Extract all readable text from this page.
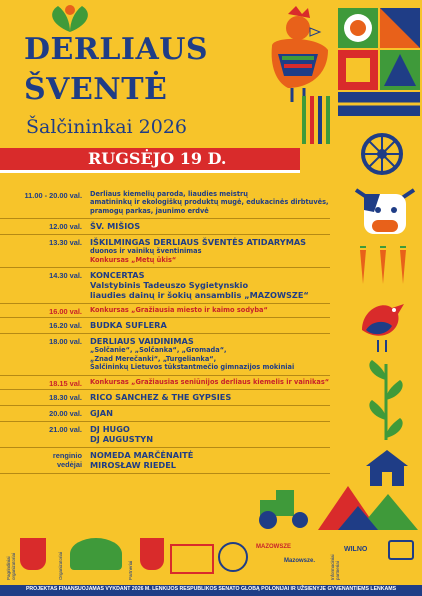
DERLIAUS
ŠVENTĖ
Šalčininkai 2026
RUGSĖJO 19 D.
11.00 - 20.00 val. Derliaus kiemelių paroda, liaudies meistrų
amatininkų ir ekologiškų produktų mugė, edukacinės dirbtuvės,
pramogų parkas, jaunimo erdvė
12.00 val. ŠV. MIŠIOS
13.30 val. IŠKILMINGAS DERLIAUS ŠVENTĖS ATIDARYMAS
duonos ir vainikų šventinimas
Konkursas „Metų ūkis“
14.30 val. KONCERTAS
Valstybinis Tadeuszo Sygietynskio
liaudies dainų ir šokių ansamblis „MAZOWSZE“
16.00 val. Konkursas „Gražiausia miesto ir kaimo sodyba“
16.20 val. BUDKA SUFLERA
18.00 val. DERLIAUS VAIDINIMAS
„Solčanie“, „Solčanka“, „Gromada“,
„Znad Merečanki“, „Turgelianka“,
Šalčininkų Lietuvos tūkstantmečio gimnazijos mokiniai
18.15 val. Konkursas „Gražiausias seniūnijos derliaus kiemelis ir vainikas“
18.30 val. RICO SANCHEZ & THE GYPSIES
20.00 val. GJAN
21.00 val. DJ HUGO
DJ AUGUSTYN
renginio
vedėjai
NOMEDA MARČĖNAITĖ
MIROSŁAW RIEDEL
Pagrindiniai organizatoriai	Organizatoriai	Partneriai
MAZOWSZE
Mazowsze.	Informaciniai partneriai
WILNO
PROJEKTAS FINANSUOJAMAS VYKDANT 2026 M. LENKIJOS RESPUBLIKOS SENATO GLOBĄ POLONIJAI IR UŽSIENYJE GYVENANTIEMS LENKAMS
